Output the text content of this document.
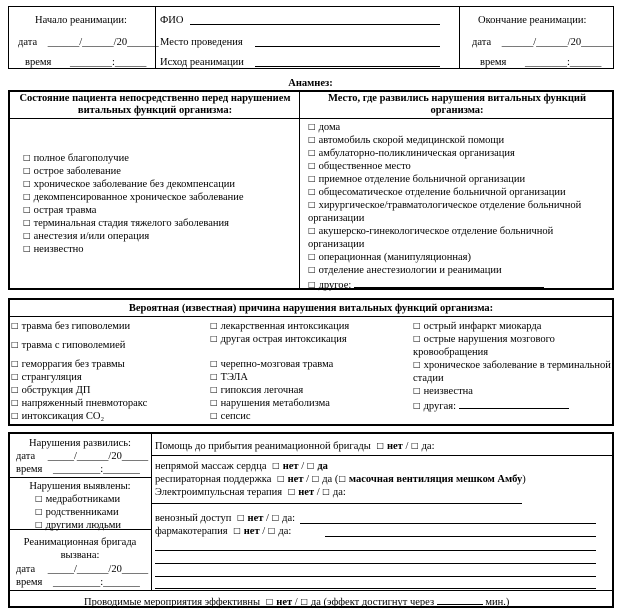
Начало реанимации:
дата ______/______/20______
время ________:______
ФИО
Место проведения
Исход реанимации
Окончание реанимации:
дата ______/______/20______
время ________:______
Анамнез:
Состояние пациента непосредственно перед нарушением витальных функций организма:
□ полное благополучие
□ острое заболевание
□ хроническое заболевание без декомпенсации
□ декомпенсированное хроническое заболевание
□ острая травма
□ терминальная стадия тяжелого заболевания
□ анестезия и/или операция
□ неизвестно
Место, где развились нарушения витальных функций организма:
□ дома
□ автомобиль скорой медицинской помощи
□ амбулаторно-поликлиническая организация
□ общественное место
□ приемное отделение больничной организации
□ общесоматическое отделение больничной организации
□ хирургическое/травматологическое отделение больничной организации
□ акушерско-гинекологическое отделение больничной организации
□ операционная (манипуляционная)
□ отделение анестезиологии и реанимации
□ другое:
Вероятная (известная) причина нарушения витальных функций организма:
□ травма без гиповолемии
□ травма с гиповолемией
□ геморрагия без травмы
□ странгуляция
□ обструкция ДП
□ напряженный пневмоторакс
□ интоксикация CO₂
□ лекарственная интоксикация
□ другая острая интоксикация
□ черепно-мозговая травма
□ ТЭЛА
□ гипоксия легочная
□ нарушения метаболизма
□ сепсис
□ острый инфаркт миокарда
□ острые нарушения мозгового кровообращения
□ хроническое заболевание в терминальной стадии
□ неизвестна
□ другая:
Нарушения развились:
дата _____/______/20_____
время _________:_______
Нарушения выявлены:
□ медработниками
□ родственниками
□ другими людьми
Реанимационная бригада вызвана:
дата _____/______/20_____
время _________:_______
Помощь до прибытия реанимационной бригады □ нет / □ да:
непрямой массаж сердца □ нет / □ да
респираторная поддержка □ нет / □ да ( □ масочная вентиляция мешком Амбу)
Электроимпульсная терапия □ нет / □ да:
венозный доступ □ нет / □ да:
фармакотерапия □ нет / □ да:
Проводимые мероприятия эффективны □ нет / □ да (эффект достигнут через	мин.)
